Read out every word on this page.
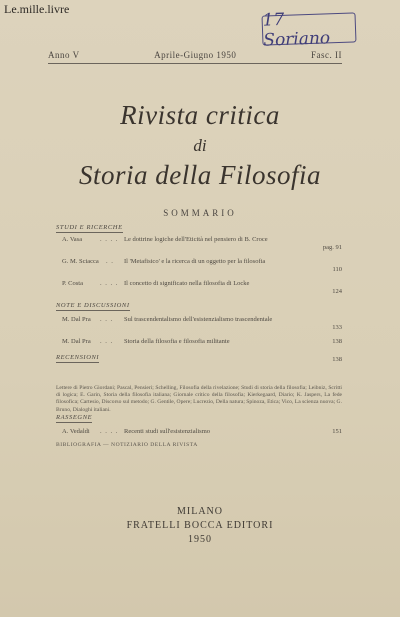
Le.mille.livre
17 Soriano
Anno V	Aprile-Giugno 1950	Fasc. II
Rivista critica
di
Storia della Filosofia
SOMMARIO
STUDI E RICERCHE
A. Vasa	. . . . Le dottrine logiche dell'Eticità nel pensiero di B. Croce
pag. 91
G. M. Sciacca . . Il 'Metafisico' e la ricerca di un oggetto per la filosofia
110
P. Costa	. . . . Il concetto di significato nella filosofia di Locke
124
NOTE E DISCUSSIONI
M. Dal Pra . . . Sul trascendentalismo dell'esistenzialismo trascendentale
133
M. Dal Pra . . . Storia della filosofia e filosofia militante	138
RECENSIONI	138
Lettere di Pietro Giordani; Pascal, Pensieri; Schelling, Filosofia della rivelazione; Studi di storia della filosofia; Leibniz, Scritti di logica; E. Garin, Storia della filosofia italiana; Giornale critico della filosofia; Kierkegaard, Diario; K. Jaspers, La fede filosofica; Cartesio, Discorso sul metodo; G. Gentile, Opere; Lucrezio, Della natura; Spinoza, Etica; Vico, La scienza nuova; G. Bruno, Dialoghi italiani.
RASSEGNE
A. Vedaldi . . . . Recenti studi sull'esistenzialismo	151
BIBLIOGRAFIA — NOTIZIARIO DELLA RIVISTA
MILANO
FRATELLI BOCCA EDITORI
1950
